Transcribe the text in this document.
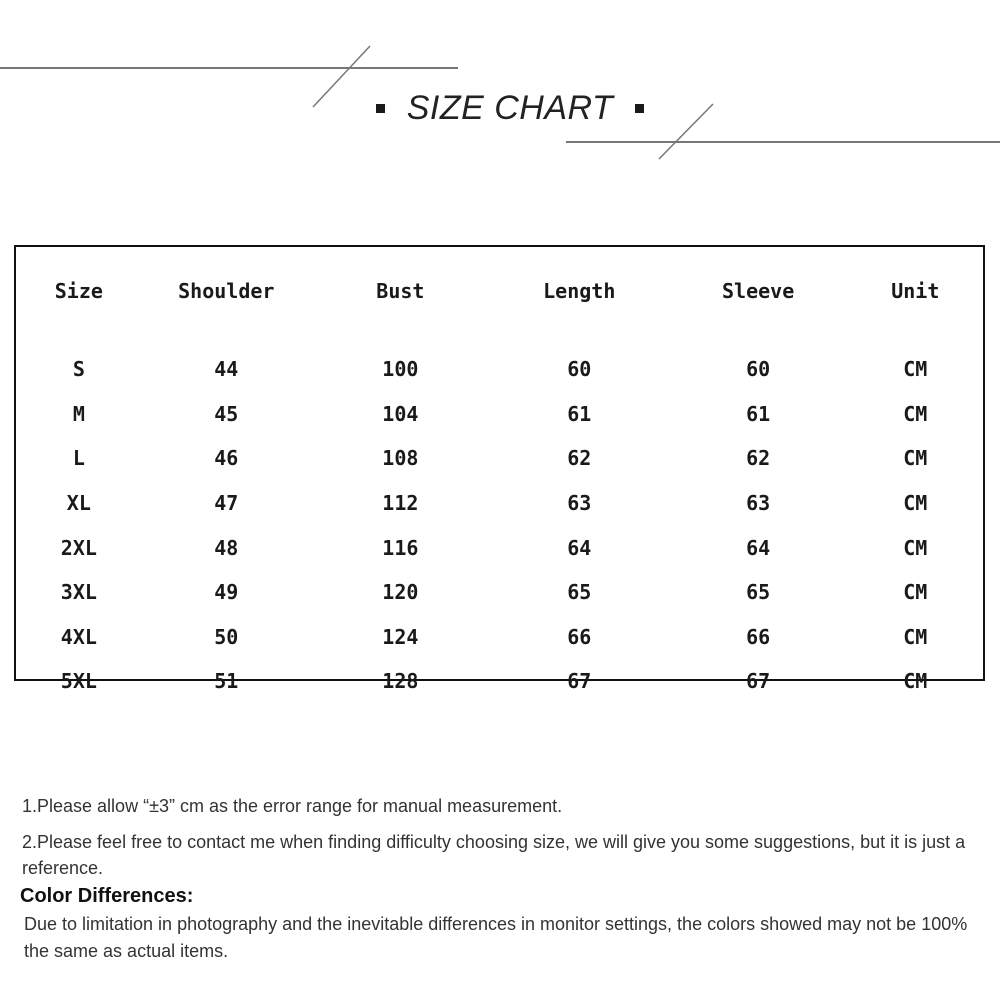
SIZE CHART
Size	Shoulder	Bust	Length	Sleeve	Unit
S	44	100	60	60	CM
M	45	104	61	61	CM
L	46	108	62	62	CM
XL	47	112	63	63	CM
2XL	48	116	64	64	CM
3XL	49	120	65	65	CM
4XL	50	124	66	66	CM
5XL	51	128	67	67	CM

1.Please allow “±3” cm as the error range for manual measurement.

2.Please feel free to contact me when finding difficulty choosing size, we will give you some suggestions, but it is just a reference.

Color Differences:

Due to limitation in photography and the inevitable differences in monitor settings, the colors showed may not be 100% the same as actual items.
